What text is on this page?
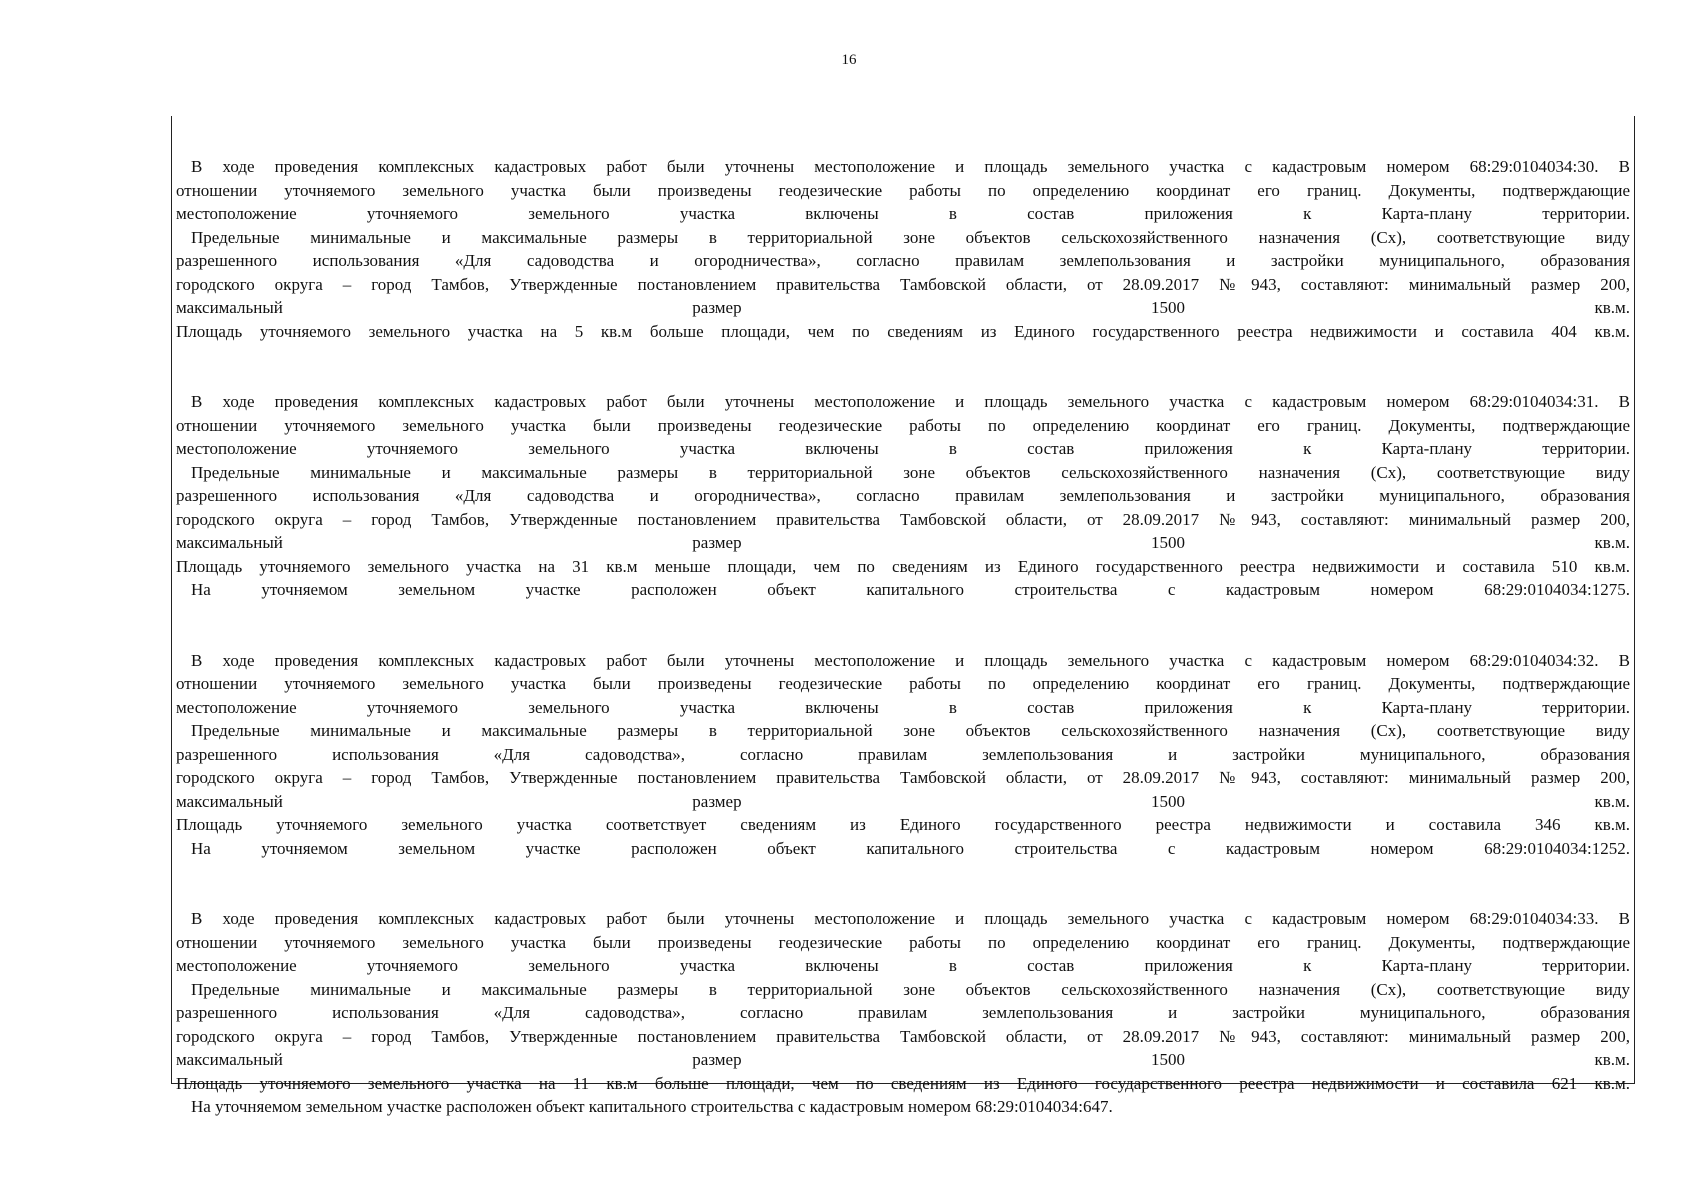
16

В ходе проведения комплексных кадастровых работ были уточнены местоположение и площадь земельного участка с кадастровым номером 68:29:0104034:30. В

отношении уточняемого земельного участка были произведены геодезические работы по определению координат его границ. Документы, подтверждающие

местоположение уточняемого земельного участка включены в состав приложения к Карта-плану территории.

Предельные минимальные и максимальные размеры в территориальной зоне объектов сельскохозяйственного назначения (Сх), соответствующие виду

разрешенного использования «Для садоводства и огородничества», согласно правилам землепользования и застройки муниципального, образования

городского округа – город Тамбов, Утвержденные постановлением правительства Тамбовской области, от 28.09.2017 №943, составляют: минимальный размер 200,

максимальный размер 1500 кв.м.

Площадь уточняемого земельного участка на 5 кв.м больше площади, чем по сведениям из Единого государственного реестра недвижимости и составила 404 кв.м.

В ходе проведения комплексных кадастровых работ были уточнены местоположение и площадь земельного участка с кадастровым номером 68:29:0104034:31. В

отношении уточняемого земельного участка были произведены геодезические работы по определению координат его границ. Документы, подтверждающие

местоположение уточняемого земельного участка включены в состав приложения к Карта-плану территории.

Предельные минимальные и максимальные размеры в территориальной зоне объектов сельскохозяйственного назначения (Сх), соответствующие виду

разрешенного использования «Для садоводства и огородничества», согласно правилам землепользования и застройки муниципального, образования

городского округа – город Тамбов, Утвержденные постановлением правительства Тамбовской области, от 28.09.2017 №943, составляют: минимальный размер 200,

максимальный размер 1500 кв.м.

Площадь уточняемого земельного участка на 31 кв.м меньше площади, чем по сведениям из Единого государственного реестра недвижимости и составила 510 кв.м.

На уточняемом земельном участке расположен объект капитального строительства с кадастровым номером 68:29:0104034:1275.

В ходе проведения комплексных кадастровых работ были уточнены местоположение и площадь земельного участка с кадастровым номером 68:29:0104034:32. В

отношении уточняемого земельного участка были произведены геодезические работы по определению координат его границ. Документы, подтверждающие

местоположение уточняемого земельного участка включены в состав приложения к Карта-плану территории.

Предельные минимальные и максимальные размеры в территориальной зоне объектов сельскохозяйственного назначения (Сх), соответствующие виду

разрешенного использования «Для садоводства», согласно правилам землепользования и застройки муниципального, образования

городского округа – город Тамбов, Утвержденные постановлением правительства Тамбовской области, от 28.09.2017 №943, составляют: минимальный размер 200,

максимальный размер 1500 кв.м.

Площадь уточняемого земельного участка соответствует сведениям из Единого государственного реестра недвижимости и составила 346 кв.м.

На уточняемом земельном участке расположен объект капитального строительства с кадастровым номером 68:29:0104034:1252.

В ходе проведения комплексных кадастровых работ были уточнены местоположение и площадь земельного участка с кадастровым номером 68:29:0104034:33. В

отношении уточняемого земельного участка были произведены геодезические работы по определению координат его границ. Документы, подтверждающие

местоположение уточняемого земельного участка включены в состав приложения к Карта-плану территории.

Предельные минимальные и максимальные размеры в территориальной зоне объектов сельскохозяйственного назначения (Сх), соответствующие виду

разрешенного использования «Для садоводства», согласно правилам землепользования и застройки муниципального, образования

городского округа – город Тамбов, Утвержденные постановлением правительства Тамбовской области, от 28.09.2017 №943, составляют: минимальный размер 200,

максимальный размер 1500 кв.м.

Площадь уточняемого земельного участка на 11 кв.м больше площади, чем по сведениям из Единого государственного реестра недвижимости и составила 621 кв.м.

На уточняемом земельном участке расположен объект капитального строительства с кадастровым номером 68:29:0104034:647.
